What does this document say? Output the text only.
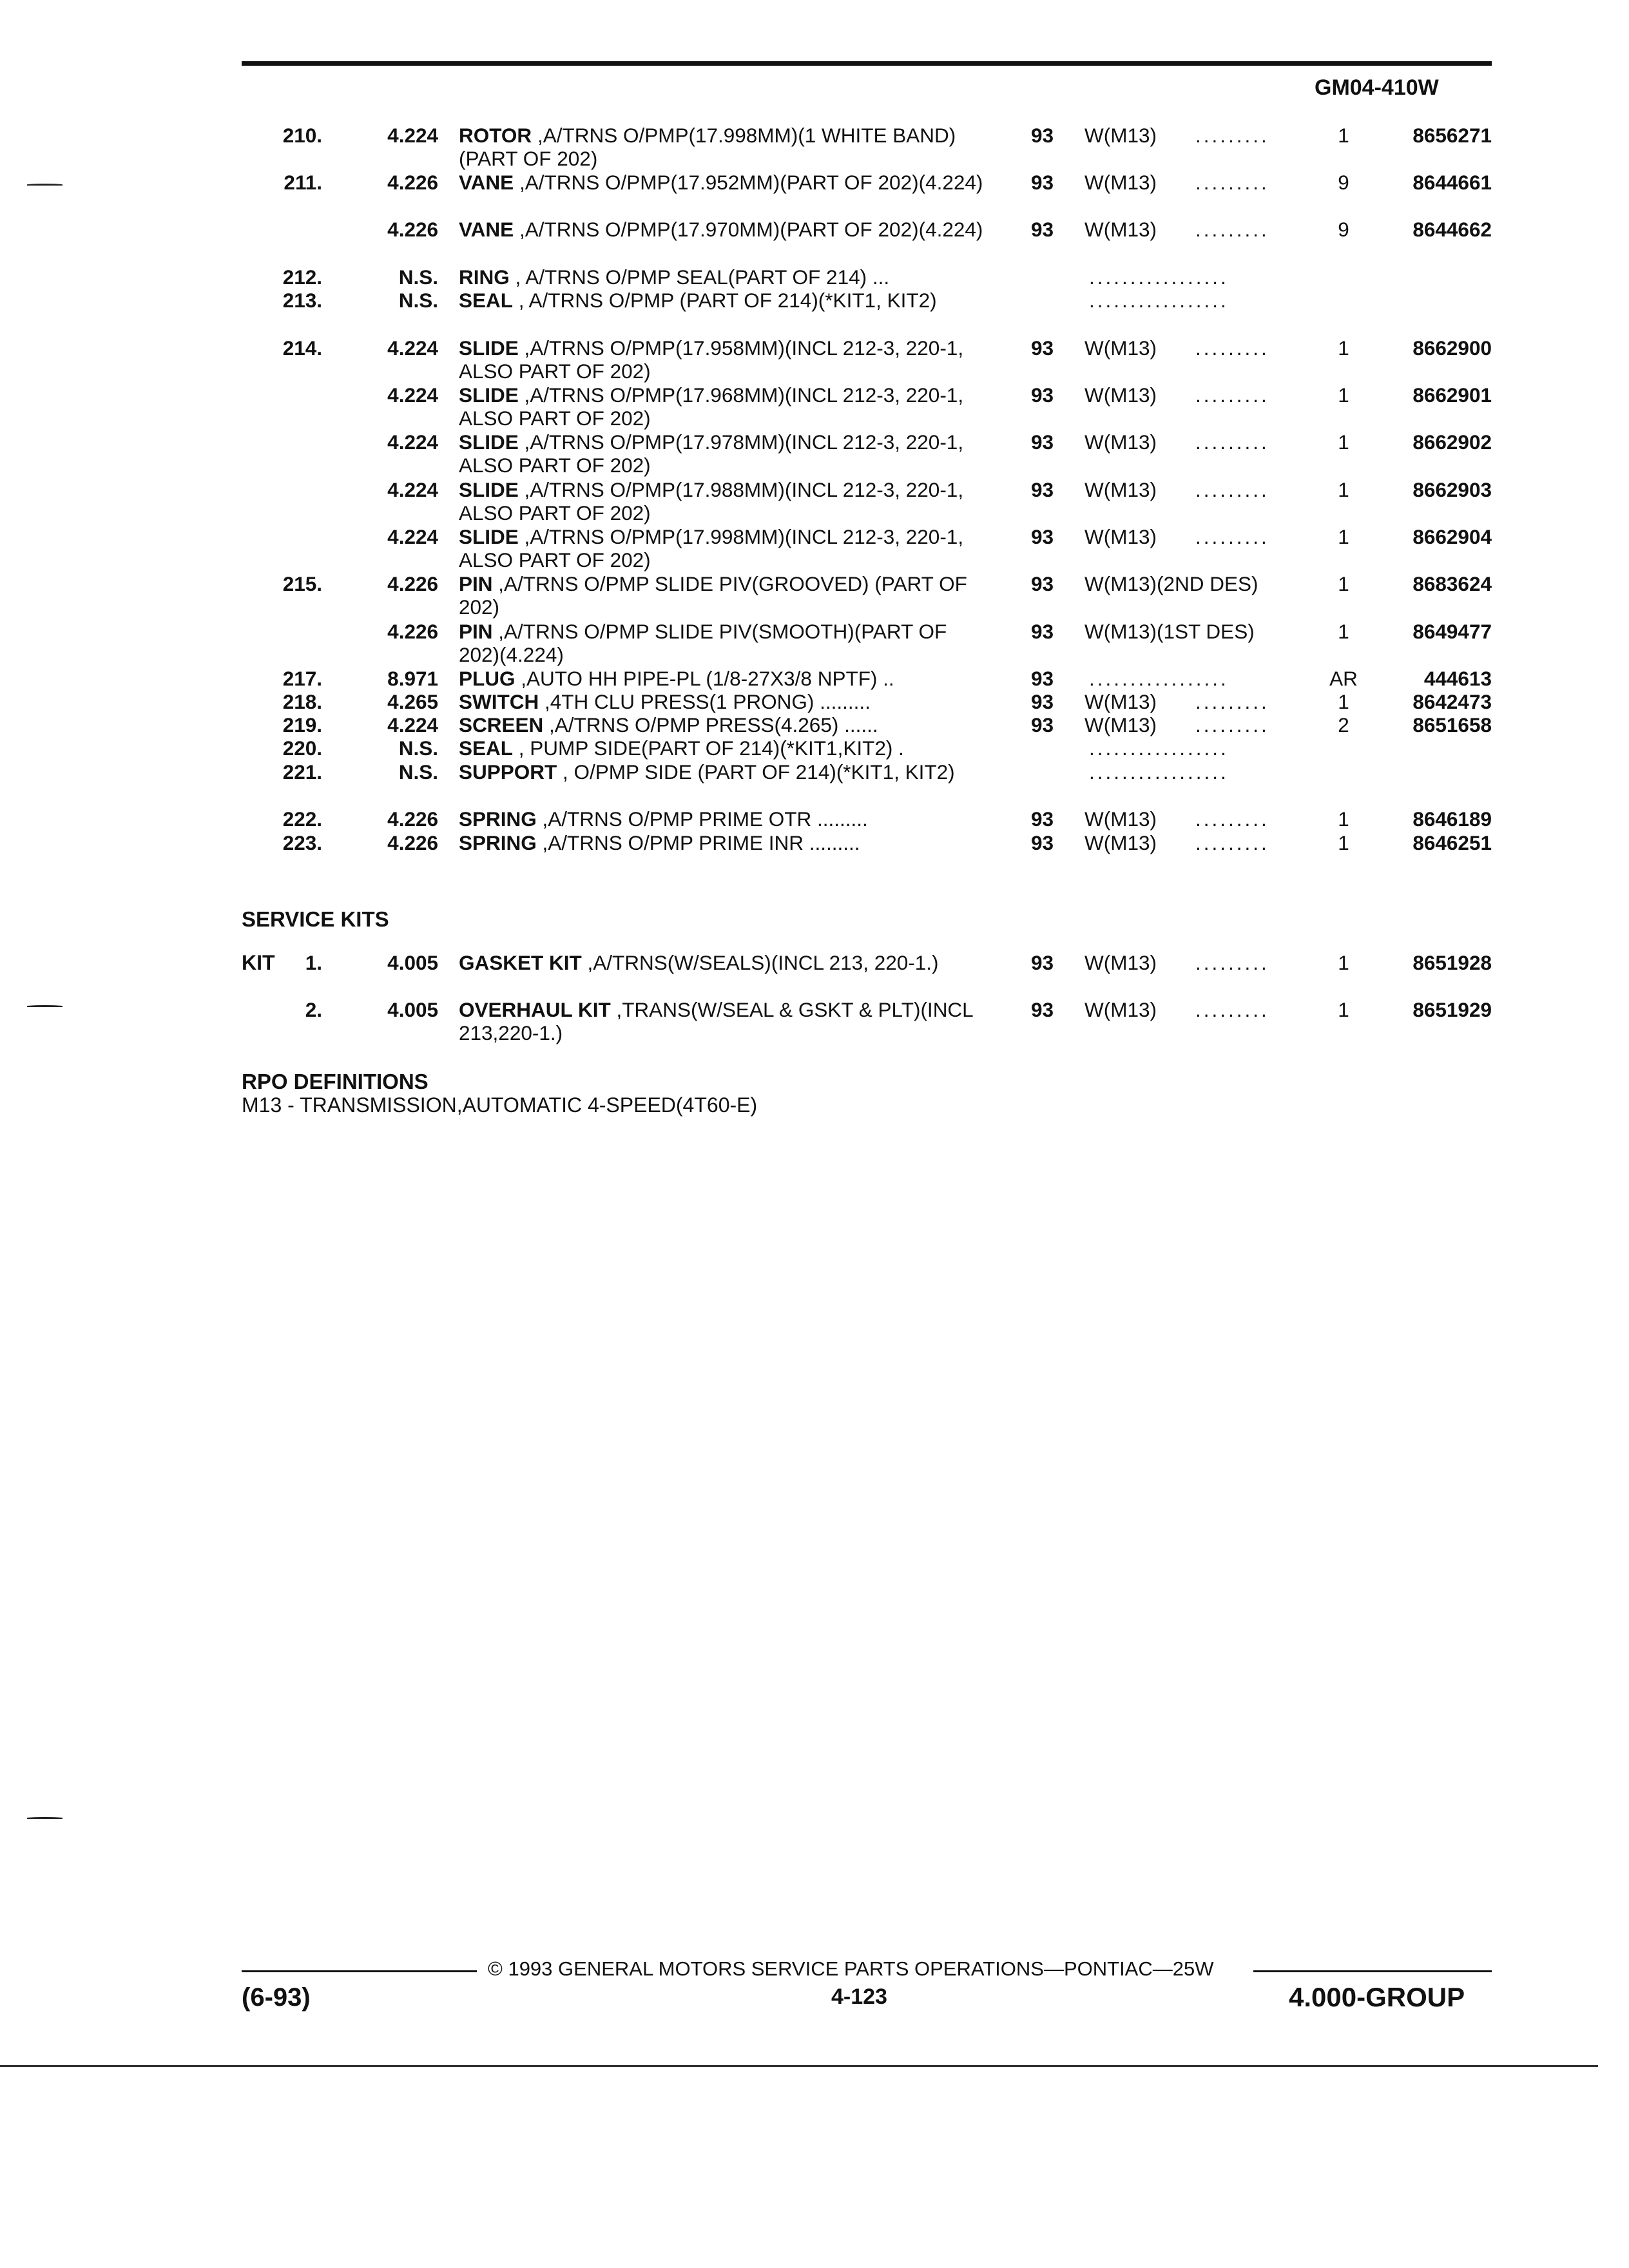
GM04-410W
210.	4.224 ROTOR ,A/TRNS O/PMP(17.998MM)(1 WHITE BAND)(PART OF 202)
93 W(M13) .........	1	8656271
211.	4.226 VANE ,A/TRNS O/PMP(17.952MM)(PART OF 202)(4.224) 93 W(M13) .........	9	8644661
4.226 VANE ,A/TRNS O/PMP(17.970MM)(PART OF 202)(4.224) 93 W(M13) .........	9	8644662
212.	N.S. RING , A/TRNS O/PMP SEAL(PART OF 214) ...	.................
213.	N.S. SEAL , A/TRNS O/PMP (PART OF 214)(*KIT1, KIT2)	.................
214.	4.224 SLIDE ,A/TRNS O/PMP(17.958MM)(INCL 212-3, 220-1, ALSO PART OF 202)
93 W(M13) .........	1	8662900
4.224 SLIDE ,A/TRNS O/PMP(17.968MM)(INCL 212-3, 220-1, ALSO PART OF 202)
93 W(M13) .........	1	8662901
4.224 SLIDE ,A/TRNS O/PMP(17.978MM)(INCL 212-3, 220-1, ALSO PART OF 202)
93 W(M13) .........	1	8662902
4.224 SLIDE ,A/TRNS O/PMP(17.988MM)(INCL 212-3, 220-1, ALSO PART OF 202)
93 W(M13) .........	1	8662903
4.224 SLIDE ,A/TRNS O/PMP(17.998MM)(INCL 212-3, 220-1, ALSO PART OF 202)
93 W(M13) .........	1	8662904
215.	4.226 PIN ,A/TRNS O/PMP SLIDE PIV(GROOVED) (PART OF 202)
93 W(M13)(2ND DES)	1	8683624
4.226 PIN ,A/TRNS O/PMP SLIDE PIV(SMOOTH)(PART OF 202)(4.224)
93 W(M13)(1ST DES)	1	8649477
217.	8.971 PLUG ,AUTO HH PIPE-PL (1/8-27X3/8 NPTF) ..	93 .................	AR	444613
218.	4.265 SWITCH ,4TH CLU PRESS(1 PRONG) .........	93 W(M13) .........	1	8642473
219.	4.224 SCREEN ,A/TRNS O/PMP PRESS(4.265) ......	93 W(M13) .........	2	8651658
220.	N.S. SEAL , PUMP SIDE(PART OF 214)(*KIT1,KIT2) .	.................
221.	N.S. SUPPORT , O/PMP SIDE (PART OF 214)(*KIT1, KIT2)	.................
222.	4.226 SPRING ,A/TRNS O/PMP PRIME OTR .........	93 W(M13) .........	1	8646189
223.	4.226 SPRING ,A/TRNS O/PMP PRIME INR .........	93 W(M13) .........	1	8646251
SERVICE KITS
KIT	1.	4.005 GASKET KIT ,A/TRNS(W/SEALS)(INCL 213, 220-1.)	93 W(M13) .........	1	8651928
2.	4.005 OVERHAUL KIT ,TRANS(W/SEAL & GSKT & PLT)(INCL 213,220-1.)
93 W(M13) .........	1	8651929
RPO DEFINITIONS
M13 - TRANSMISSION,AUTOMATIC 4-SPEED(4T60-E)
© 1993 GENERAL MOTORS SERVICE PARTS OPERATIONS—PONTIAC—25W
(6-93)	4-123	4.000-GROUP
